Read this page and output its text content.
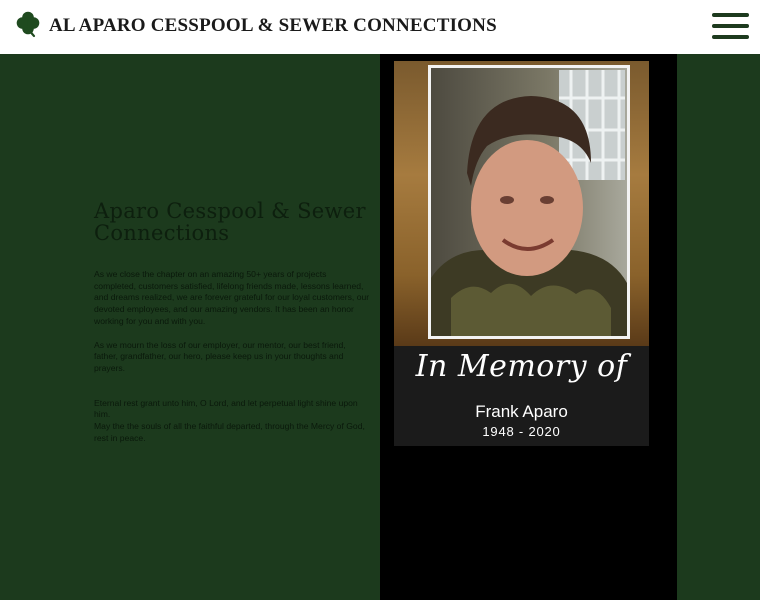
AL APARO CESSPOOL & SEWER CONNECTIONS
Aparo Cesspool & Sewer Connections

As we close the chapter on an amazing 50+ years of projects completed, customers satisfied, lifelong friends made, lessons learned, and dreams realized, we are forever grateful for our loyal customers, our devoted employees, and our amazing vendors. It has been an honor working for you and with you.

As we mourn the loss of our employer, our mentor, our best friend, father, grandfather, our hero, please keep us in your thoughts and prayers.

Eternal rest grant unto him, O Lord, and let perpetual light shine upon him.
May the the souls of all the faithful departed, through the Mercy of God, rest in peace.

In Memory of
Frank Aparo
1948 - 2020
